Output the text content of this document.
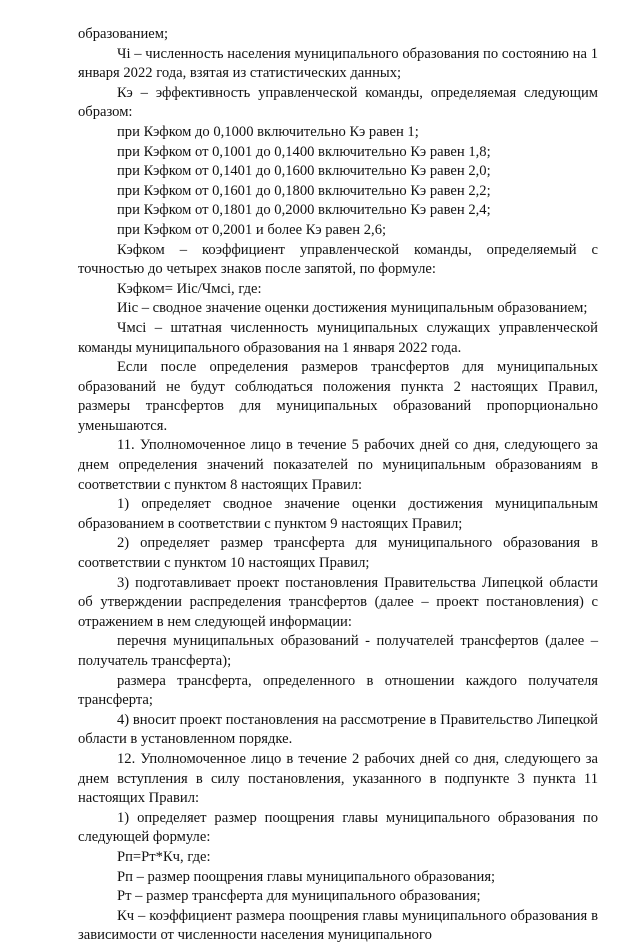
образованием;

Чi – численность населения муниципального образования по состоянию на 1 января 2022 года, взятая из статистических данных;

Кэ – эффективность управленческой команды, определяемая следующим образом:

при Кэфком до 0,1000 включительно Кэ равен 1;

при Кэфком от 0,1001 до 0,1400 включительно Кэ равен 1,8;

при Кэфком от 0,1401 до 0,1600 включительно Кэ равен 2,0;

при Кэфком от 0,1601 до 0,1800 включительно Кэ равен 2,2;

при Кэфком от 0,1801 до 0,2000 включительно Кэ равен 2,4;

при Кэфком от 0,2001 и более Кэ равен 2,6;

Кэфком – коэффициент управленческой команды, определяемый с точностью до четырех знаков после запятой, по формуле:

Кэфком= Иic/Чмсi, где:

Иic – сводное значение оценки достижения муниципальным образованием;

Чмсi – штатная численность муниципальных служащих управленческой команды муниципального образования на 1 января 2022 года.

Если после определения размеров трансфертов для муниципальных образований не будут соблюдаться положения пункта 2 настоящих Правил, размеры трансфертов для муниципальных образований пропорционально уменьшаются.

11. Уполномоченное лицо в течение 5 рабочих дней со дня, следующего за днем определения значений показателей по муниципальным образованиям в соответствии с пунктом 8 настоящих Правил:

1) определяет сводное значение оценки достижения муниципальным образованием в соответствии с пунктом 9 настоящих Правил;

2) определяет размер трансферта для муниципального образования в соответствии с пунктом 10 настоящих Правил;

3) подготавливает проект постановления Правительства Липецкой области об утверждении распределения трансфертов (далее – проект постановления) с отражением в нем следующей информации:

перечня муниципальных образований - получателей трансфертов (далее – получатель трансферта);

размера трансферта, определенного в отношении каждого получателя трансферта;

4) вносит проект постановления на рассмотрение в Правительство Липецкой области в установленном порядке.

12. Уполномоченное лицо в течение 2 рабочих дней со дня, следующего за днем вступления в силу постановления, указанного в подпункте 3 пункта 11 настоящих Правил:

1) определяет размер поощрения главы муниципального образования по следующей формуле:

Рп=Рт*Кч, где:

Рп – размер поощрения главы муниципального образования;

Рт – размер трансферта для муниципального образования;

Кч – коэффициент размера поощрения главы муниципального образования в зависимости от численности населения муниципального
